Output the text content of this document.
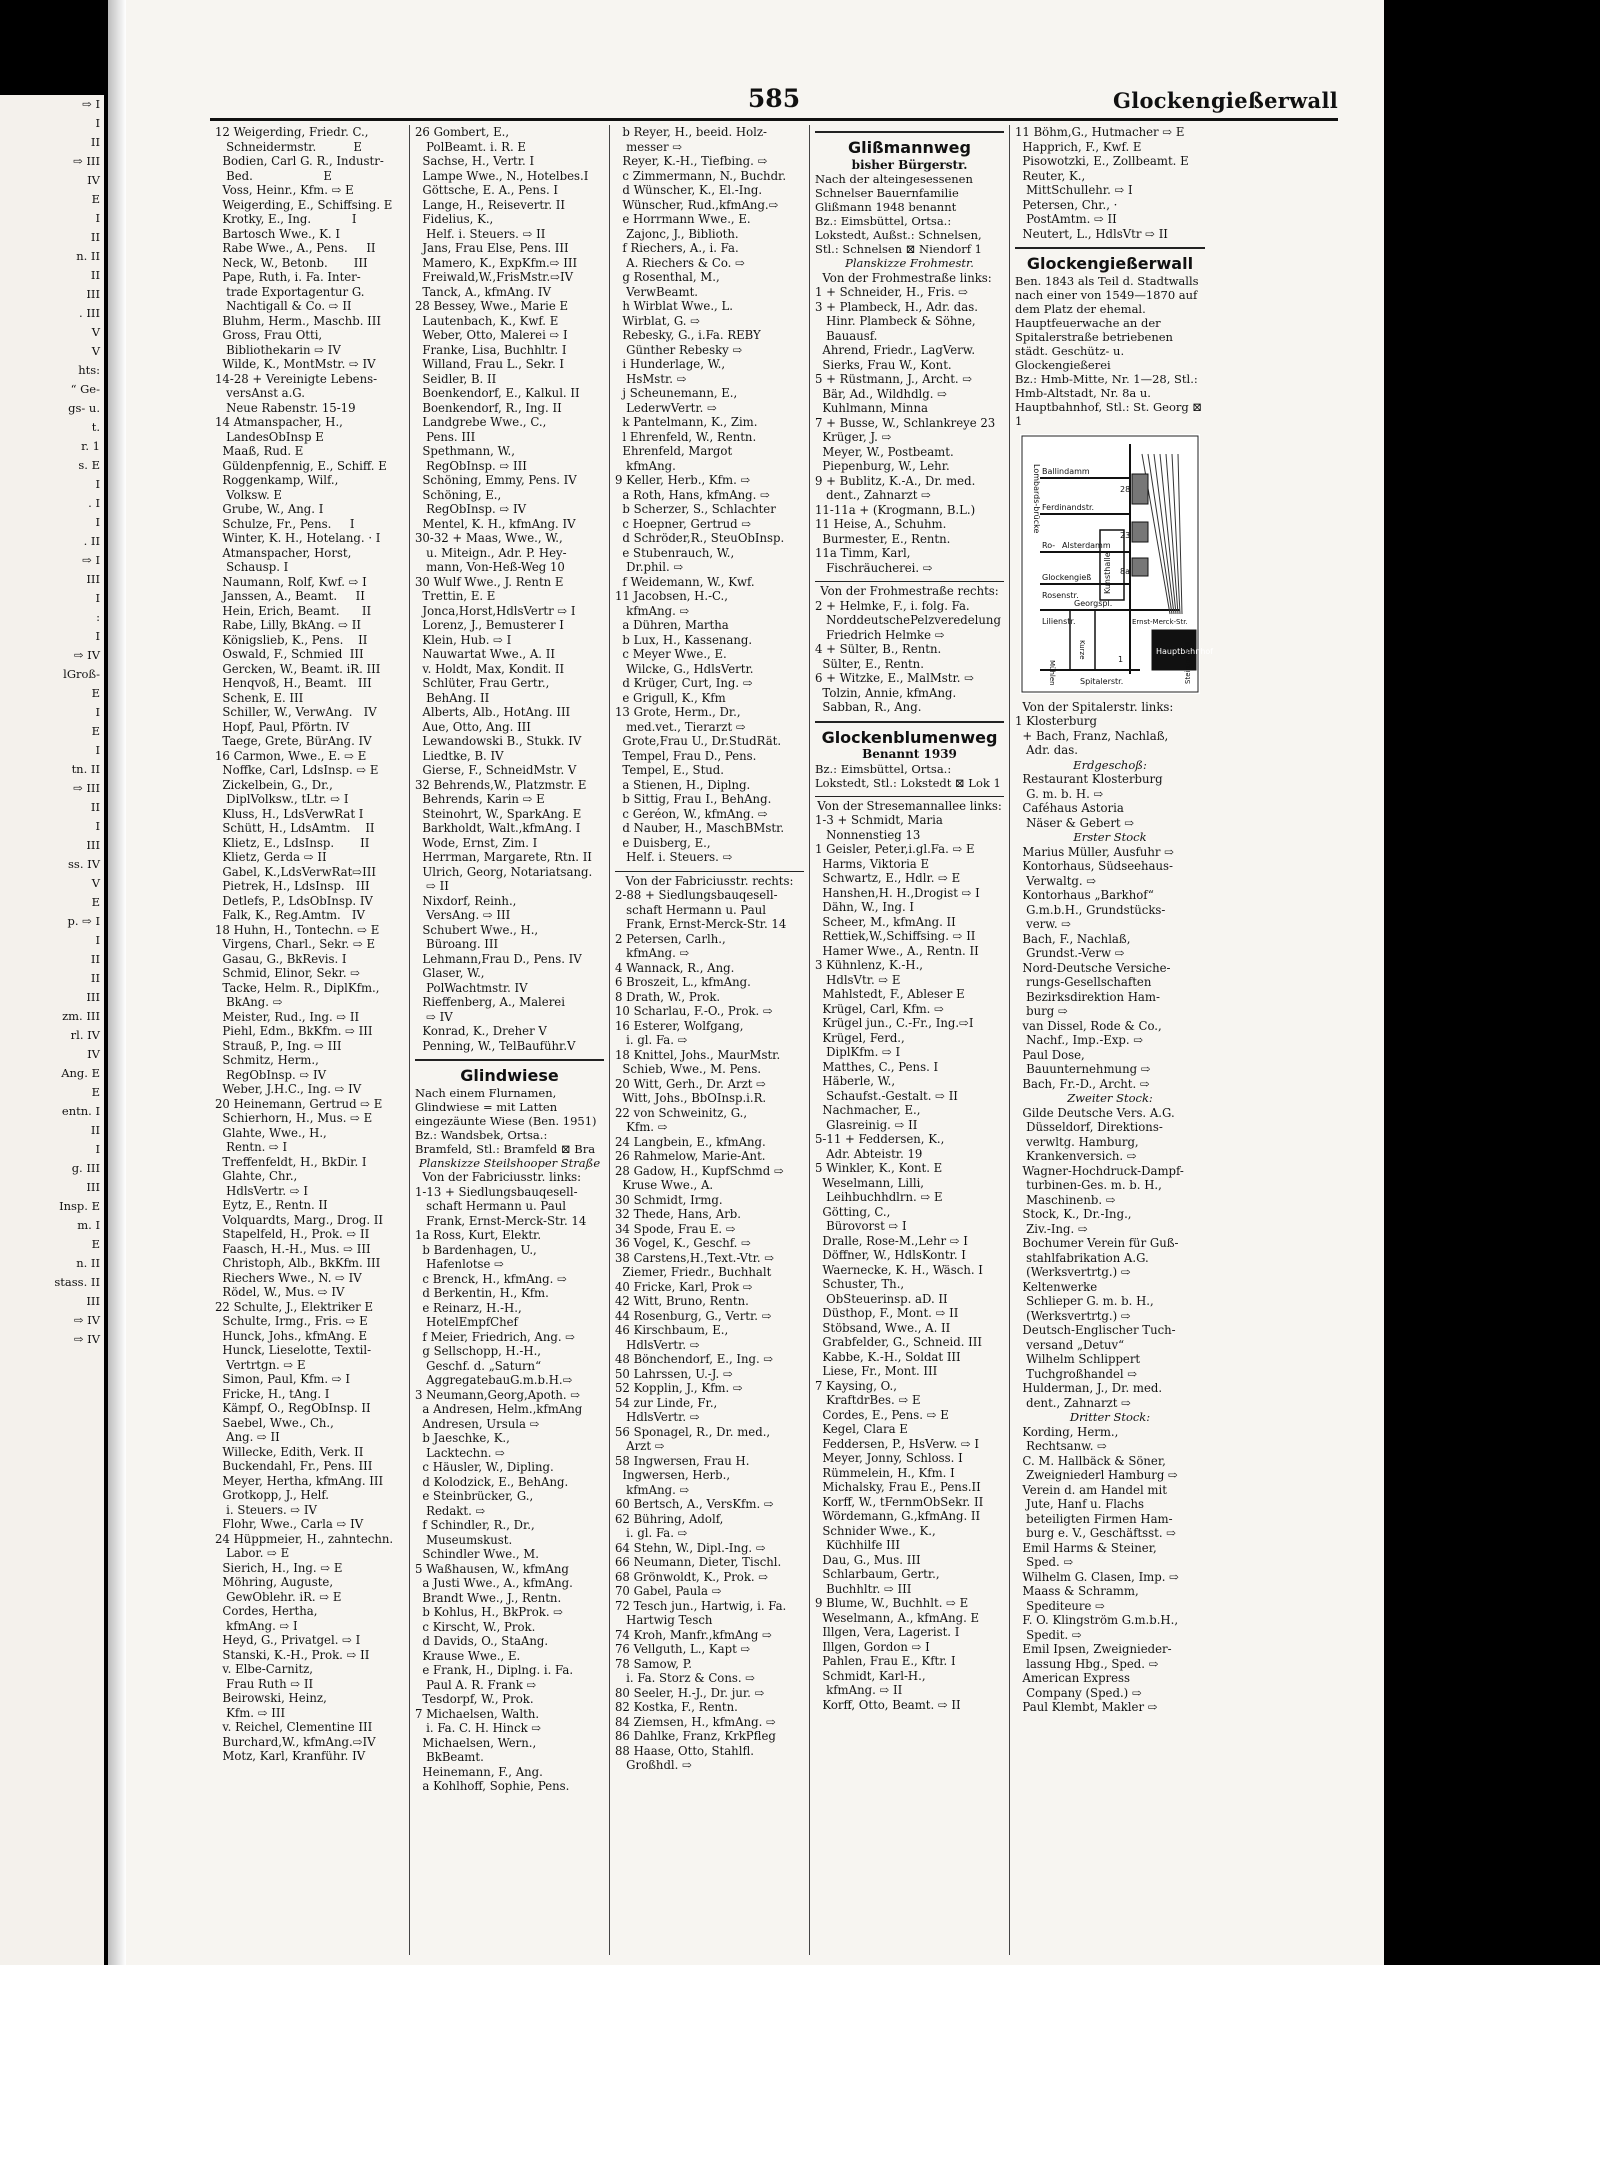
⇨ I
I
II
⇨ III
IV
E
I
II
n. II
II
III
. III
V
V
hts:
“ Ge-
gs- u.
t.
r. 1
s. E
I
. I
I
. II
⇨ I
III
I
:
I
⇨ IV
lGroß-
E
I
E
I
tn. II
⇨ III
II
I
III
ss. IV
V
E
p. ⇨ I
I
II
II
III
zm. III
rl. IV
IV
Ang. E
E
entn. I
II
I
g. III
III
Insp. E
m. I
E
n. II
stass. II
III
⇨ IV
⇨ IV
585	Glockengießerwall
12 Weigerding, Friedr. C.,
Schneidermstr.          E
Bodien, Carl G. R., Industr-
Bed.                   E
Voss, Heinr., Kfm. ⇨ E
Weigerding, E., Schiffsing. E
Krotky, E., Ing.           I
Bartosch Wwe., K. I
Rabe Wwe., A., Pens.     II
Neck, W., Betonb.       III
Pape, Ruth, i. Fa. Inter-
trade Exportagentur G.
Nachtigall & Co. ⇨ II
Bluhm, Herm., Maschb. III
Gross, Frau Otti,
Bibliothekarin ⇨ IV
Wilde, K., MontMstr. ⇨ IV
14-28 + Vereinigte Lebens-
versAnst a.G.
Neue Rabenstr. 15-19
14 Atmanspacher, H.,
LandesObInsp E
Maaß, Rud. E
Güldenpfennig, E., Schiff. E
Roggenkamp, Wilf.,
Volksw. E
Grube, W., Ang. I
Schulze, Fr., Pens.     I
Winter, K. H., Hotelang. · I
Atmanspacher, Horst,
Schausp. I
Naumann, Rolf, Kwf. ⇨ I
Janssen, A., Beamt.     II
Hein, Erich, Beamt.      II
Rabe, Lilly, BkAng. ⇨ II
Königslieb, K., Pens.    II
Oswald, F., Schmied  III
Gercken, W., Beamt. iR. III
Henqvoß, H., Beamt.   III
Schenk, E. III
Schiller, W., VerwAng.   IV
Hopf, Paul, Pförtn. IV
Taege, Grete, BürAng. IV
16 Carmon, Wwe., E. ⇨ E
Noffke, Carl, LdsInsp. ⇨ E
Zickelbein, G., Dr.,
DiplVolksw., tLtr. ⇨ I
Kluss, H., LdsVerwRat I
Schütt, H., LdsAmtm.    II
Klietz, E., LdsInsp.       II
Klietz, Gerda ⇨ II
Gabel, K.,LdsVerwRat⇨III
Pietrek, H., LdsInsp.   III
Detlefs, P., LdsObInsp. IV
Falk, K., Reg.Amtm.   IV
18 Huhn, H., Tontechn. ⇨ E
Virgens, Charl., Sekr. ⇨ E
Gasau, G., BkRevis. I
Schmid, Elinor, Sekr. ⇨
Tacke, Helm. R., DiplKfm.,
BkAng. ⇨
Meister, Rud., Ing. ⇨ II
Piehl, Edm., BkKfm. ⇨ III
Strauß, P., Ing. ⇨ III
Schmitz, Herm.,
RegObInsp. ⇨ IV
Weber, J.H.C., Ing. ⇨ IV
20 Heinemann, Gertrud ⇨ E
Schierhorn, H., Mus. ⇨ E
Glahte, Wwe., H.,
Rentn. ⇨ I
Treffenfeldt, H., BkDir. I
Glahte, Chr.,
HdlsVertr. ⇨ I
Eytz, E., Rentn. II
Volquardts, Marg., Drog. II
Stapelfeld, H., Prok. ⇨ II
Faasch, H.-H., Mus. ⇨ III
Christoph, Alb., BkKfm. III
Riechers Wwe., N. ⇨ IV
Rödel, W., Mus. ⇨ IV
22 Schulte, J., Elektriker E
Schulte, Irmg., Fris. ⇨ E
Hunck, Johs., kfmAng. E
Hunck, Lieselotte, Textil-
Vertrtgn. ⇨ E
Simon, Paul, Kfm. ⇨ I
Fricke, H., tAng. I
Kämpf, O., RegObInsp. II
Saebel, Wwe., Ch.,
Ang. ⇨ II
Willecke, Edith, Verk. II
Buckendahl, Fr., Pens. III
Meyer, Hertha, kfmAng. III
Grotkopp, J., Helf.
i. Steuers. ⇨ IV
Flohr, Wwe., Carla ⇨ IV
24 Hüppmeier, H., zahntechn.
Labor. ⇨ E
Sierich, H., Ing. ⇨ E
Möhring, Auguste,
GewOblehr. iR. ⇨ E
Cordes, Hertha,
kfmAng. ⇨ I
Heyd, G., Privatgel. ⇨ I
Stanski, K.-H., Prok. ⇨ II
v. Elbe-Carnitz,
Frau Ruth ⇨ II
Beirowski, Heinz,
Kfm. ⇨ III
v. Reichel, Clementine III
Burchard,W., kfmAng.⇨IV
Motz, Karl, Kranführ. IV
26 Gombert, E.,
PolBeamt. i. R. E
Sachse, H., Vertr. I
Lampe Wwe., N., Hotelbes.I
Göttsche, E. A., Pens. I
Lange, H., Reisevertr. II
Fidelius, K.,
Helf. i. Steuers. ⇨ II
Jans, Frau Else, Pens. III
Mamero, K., ExpKfm.⇨ III
Freiwald,W.,FrisMstr.⇨IV
Tanck, A., kfmAng. IV
28 Bessey, Wwe., Marie E
Lautenbach, K., Kwf. E
Weber, Otto, Malerei ⇨ I
Franke, Lisa, Buchhltr. I
Willand, Frau L., Sekr. I
Seidler, B. II
Boenkendorf, E., Kalkul. II
Boenkendorf, R., Ing. II
Landgrebe Wwe., C.,
Pens. III
Spethmann, W.,
RegObInsp. ⇨ III
Schöning, Emmy, Pens. IV
Schöning, E.,
RegObInsp. ⇨ IV
Mentel, K. H., kfmAng. IV
30-32 + Maas, Wwe., W.,
u. Miteign., Adr. P. Hey-
mann, Von-Heß-Weg 10
30 Wulf Wwe., J. Rentn E
Trettin, E. E
Jonca,Horst,HdlsVertr ⇨ I
Lorenz, J., Bemusterer I
Klein, Hub. ⇨ I
Nauwartat Wwe., A. II
v. Holdt, Max, Kondit. II
Schlüter, Frau Gertr.,
BehAng. II
Alberts, Alb., HotAng. III
Aue, Otto, Ang. III
Lewandowski B., Stukk. IV
Liedtke, B. IV
Gierse, F., SchneidMstr. V
32 Behrends,W., Platzmstr. E
Behrends, Karin ⇨ E
Steinohrt, W., SparkAng. E
Barkholdt, Walt.,kfmAng. I
Wode, Ernst, Zim. I
Herrman, Margarete, Rtn. II
Ulrich, Georg, Notariatsang.
⇨ II
Nixdorf, Reinh.,
VersAng. ⇨ III
Schubert Wwe., H.,
Büroang. III
Lehmann,Frau D., Pens. IV
Glaser, W.,
PolWachtmstr. IV
Rieffenberg, A., Malerei
⇨ IV
Konrad, K., Dreher V
Penning, W., TelBauführ.V
Glindwiese
Nach einem Flurnamen, Glindwiese = mit Latten eingezäunte Wiese (Ben. 1951)
Bz.: Wandsbek, Ortsa.: Bramfeld, Stl.: Bramfeld ⊠ Bra
Planskizze Steilshooper Straße
Von der Fabriciusstr. links:
1-13 + Siedlungsbauqesell-
schaft Hermann u. Paul
Frank, Ernst-Merck-Str. 14
1a Ross, Kurt, Elektr.
b Bardenhagen, U.,
Hafenlotse ⇨
c Brenck, H., kfmAng. ⇨
d Berkentin, H., Kfm.
e Reinarz, H.-H.,
HotelEmpfChef
f Meier, Friedrich, Ang. ⇨
g Sellschopp, H.-H.,
Geschf. d. „Saturn“
AggregatebauG.m.b.H.⇨
3 Neumann,Georg,Apoth. ⇨
a Andresen, Helm.,kfmAng
Andresen, Ursula ⇨
b Jaeschke, K.,
Lacktechn. ⇨
c Häusler, W., Dipling.
d Kolodzick, E., BehAng.
e Steinbrücker, G.,
Redakt. ⇨
f Schindler, R., Dr.,
Museumskust.
Schindler Wwe., M.
5 Waßhausen, W., kfmAng
a Justi Wwe., A., kfmAng.
Brandt Wwe., J., Rentn.
b Kohlus, H., BkProk. ⇨
c Kirscht, W., Prok.
d Davids, O., StaAng.
Krause Wwe., E.
e Frank, H., Diplng. i. Fa.
Paul A. R. Frank ⇨
Tesdorpf, W., Prok.
7 Michaelsen, Walth.
i. Fa. C. H. Hinck ⇨
Michaelsen, Wern.,
BkBeamt.
Heinemann, F., Ang.
a Kohlhoff, Sophie, Pens.
b Reyer, H., beeid. Holz-
messer ⇨
Reyer, K.-H., Tiefbing. ⇨
c Zimmermann, N., Buchdr.
d Wünscher, K., El.-Ing.
Wünscher, Rud.,kfmAng.⇨
e Horrmann Wwe., E.
Zajonc, J., Biblioth.
f Riechers, A., i. Fa.
A. Riechers & Co. ⇨
g Rosenthal, M.,
VerwBeamt.
h Wirblat Wwe., L.
Wirblat, G. ⇨
Rebesky, G., i.Fa. REBY
Günther Rebesky ⇨
i Hunderlage, W.,
HsMstr. ⇨
j Scheunemann, E.,
LederwVertr. ⇨
k Pantelmann, K., Zim.
l Ehrenfeld, W., Rentn.
Ehrenfeld, Margot
kfmAng.
9 Keller, Herb., Kfm. ⇨
a Roth, Hans, kfmAng. ⇨
b Scherzer, S., Schlachter
c Hoepner, Gertrud ⇨
d Schröder,R., SteuObInsp.
e Stubenrauch, W.,
Dr.phil. ⇨
f Weidemann, W., Kwf.
11 Jacobsen, H.-C.,
kfmAng. ⇨
a Dühren, Martha
b Lux, H., Kassenang.
c Meyer Wwe., E.
Wilcke, G., HdlsVertr.
d Krüger, Curt, Ing. ⇨
e Grigull, K., Kfm
13 Grote, Herm., Dr.,
med.vet., Tierarzt ⇨
Grote,Frau U., Dr.StudRät.
Tempel, Frau D., Pens.
Tempel, E., Stud.
a Stienen, H., Diplng.
b Sittig, Frau I., BehAng.
c Geréon, W., kfmAng. ⇨
d Nauber, H., MaschBMstr.
e Duisberg, E.,
Helf. i. Steuers. ⇨
Von der Fabriciusstr. rechts:
2-88 + Siedlungsbauqesell-
schaft Hermann u. Paul
Frank, Ernst-Merck-Str. 14
2 Petersen, Carlh.,
kfmAng. ⇨
4 Wannack, R., Ang.
6 Broszeit, L., kfmAng.
8 Drath, W., Prok.
10 Scharlau, F.-O., Prok. ⇨
16 Esterer, Wolfgang,
i. gl. Fa. ⇨
18 Knittel, Johs., MaurMstr.
Schieb, Wwe., M. Pens.
20 Witt, Gerh., Dr. Arzt ⇨
Witt, Johs., BbOInsp.i.R.
22 von Schweinitz, G.,
Kfm. ⇨
24 Langbein, E., kfmAng.
26 Rahmelow, Marie-Ant.
28 Gadow, H., KupfSchmd ⇨
Kruse Wwe., A.
30 Schmidt, Irmg.
32 Thede, Hans, Arb.
34 Spode, Frau E. ⇨
36 Vogel, K., Geschf. ⇨
38 Carstens,H.,Text.-Vtr. ⇨
Ziemer, Friedr., Buchhalt
40 Fricke, Karl, Prok ⇨
42 Witt, Bruno, Rentn.
44 Rosenburg, G., Vertr. ⇨
46 Kirschbaum, E.,
HdlsVertr. ⇨
48 Bönchendorf, E., Ing. ⇨
50 Lahrssen, U.-J. ⇨
52 Kopplin, J., Kfm. ⇨
54 zur Linde, Fr.,
HdlsVertr. ⇨
56 Sponagel, R., Dr. med.,
Arzt ⇨
58 Ingwersen, Frau H.
Ingwersen, Herb.,
kfmAng. ⇨
60 Bertsch, A., VersKfm. ⇨
62 Bühring, Adolf,
i. gl. Fa. ⇨
64 Stehn, W., Dipl.-Ing. ⇨
66 Neumann, Dieter, Tischl.
68 Grönwoldt, K., Prok. ⇨
70 Gabel, Paula ⇨
72 Tesch jun., Hartwig, i. Fa.
Hartwig Tesch
74 Kroh, Manfr.,kfmAng ⇨
76 Vellguth, L., Kapt ⇨
78 Samow, P.
i. Fa. Storz & Cons. ⇨
80 Seeler, H.-J., Dr. jur. ⇨
82 Kostka, F., Rentn.
84 Ziemsen, H., kfmAng. ⇨
86 Dahlke, Franz, KrkPfleg
88 Haase, Otto, Stahlfl.
Großhdl. ⇨
Glißmannweg
bisher Bürgerstr.
Nach der alteingesessenen Schnelser Bauernfamilie Glißmann 1948 benannt
Bz.: Eimsbüttel, Ortsa.: Lokstedt, Außst.: Schnelsen, Stl.: Schnelsen ⊠ Niendorf 1
Planskizze Frohmestr.
Von der Frohmestraße links:
1 + Schneider, H., Fris. ⇨
3 + Plambeck, H., Adr. das.
Hinr. Plambeck & Söhne,
Bauausf.
Ahrend, Friedr., LagVerw.
Sierks, Frau W., Kont.
5 + Rüstmann, J., Archt. ⇨
Bär, Ad., Wildhdlg. ⇨
Kuhlmann, Minna
7 + Busse, W., Schlankreye 23
Krüger, J. ⇨
Meyer, W., Postbeamt.
Piepenburg, W., Lehr.
9 + Bublitz, K.-A., Dr. med.
dent., Zahnarzt ⇨
11-11a + (Krogmann, B.L.)
11 Heise, A., Schuhm.
Burmester, E., Rentn.
11a Timm, Karl,
Fischräucherei. ⇨
Von der Frohmestraße rechts:
2 + Helmke, F., i. folg. Fa.
NorddeutschePelzveredelung
Friedrich Helmke ⇨
4 + Sülter, B., Rentn.
Sülter, E., Rentn.
6 + Witzke, E., MalMstr. ⇨
Tolzin, Annie, kfmAng.
Sabban, R., Ang.
Glockenblumenweg
Benannt 1939
Bz.: Eimsbüttel, Ortsa.: Lokstedt, Stl.: Lokstedt ⊠ Lok 1
Von der Stresemannallee links:
1-3 + Schmidt, Maria
Nonnenstieg 13
1 Geisler, Peter,i.gl.Fa. ⇨ E
Harms, Viktoria E
Schwartz, E., Hdlr. ⇨ E
Hanshen,H. H.,Drogist ⇨ I
Dähn, W., Ing. I
Scheer, M., kfmAng. II
Rettiek,W.,Schiffsing. ⇨ II
Hamer Wwe., A., Rentn. II
3 Kühnlenz, K.-H.,
HdlsVtr. ⇨ E
Mahlstedt, F., Ableser E
Krügel, Carl, Kfm. ⇨
Krügel jun., C.-Fr., Ing.⇨I
Krügel, Ferd.,
DiplKfm. ⇨ I
Matthes, C., Pens. I
Häberle, W.,
Schaufst.-Gestalt. ⇨ II
Nachmacher, E.,
Glasreinig. ⇨ II
5-11 + Feddersen, K.,
Adr. Abteistr. 19
5 Winkler, K., Kont. E
Weselmann, Lilli,
Leihbuchhdlrn. ⇨ E
Götting, C.,
Bürovorst ⇨ I
Dralle, Rose-M.,Lehr ⇨ I
Döffner, W., HdlsKontr. I
Waernecke, K. H., Wäsch. I
Schuster, Th.,
ObSteuerinsp. aD. II
Düsthop, F., Mont. ⇨ II
Stöbsand, Wwe., A. II
Grabfelder, G., Schneid. III
Kabbe, K.-H., Soldat III
Liese, Fr., Mont. III
7 Kaysing, O.,
KraftdrBes. ⇨ E
Cordes, E., Pens. ⇨ E
Kegel, Clara E
Feddersen, P., HsVerw. ⇨ I
Meyer, Jonny, Schloss. I
Rümmelein, H., Kfm. I
Michalsky, Frau E., Pens.II
Korff, W., tFernmObSekr. II
Wördemann, G.,kfmAng. II
Schnider Wwe., K.,
Küchhilfe III
Dau, G., Mus. III
Schlarbaum, Gertr.,
Buchhltr. ⇨ III
9 Blume, W., Buchhlt. ⇨ E
Weselmann, A., kfmAng. E
Illgen, Vera, Lagerist. I
Illgen, Gordon ⇨ I
Pahlen, Frau E., Kftr. I
Schmidt, Karl-H.,
kfmAng. ⇨ II
Korff, Otto, Beamt. ⇨ II
11 Böhm,G., Hutmacher ⇨ E
Happrich, F., Kwf. E
Pisowotzki, E., Zollbeamt. E
Reuter, K.,
MittSchullehr. ⇨ I
Petersen, Chr., ·
PostAmtm. ⇨ II
Neutert, L., HdlsVtr ⇨ II
Glockengießerwall
Ben. 1843 als Teil d. Stadtwalls nach einer von 1549—1870 auf dem Platz der ehemal. Hauptfeuerwache an der Spitalerstraße betriebenen städt. Geschütz- u. Glockengießerei
Bz.: Hmb-Mitte, Nr. 1—28, Stl.: Hmb-Altstadt, Nr. 8a u. Hauptbahnhof, Stl.: St. Georg ⊠ 1
Lombards-brücke Ballindamm
Ferdinandstr.
Ro- Alsterdamm
Kunsthalle
Glockengieß
Lilienstr.
Georgspl.
Ernst-Merck-Str.
Hauptbahnhof
Mühlen
Kurze
Spitalerstr.	Steintorwall
Rosenstr.
28
23
8a
1
Von der Spitalerstr. links:
1 Klosterburg
+ Bach, Franz, Nachlaß,
Adr. das.
Erdgeschoß:
Restaurant Klosterburg
G. m. b. H. ⇨
Caféhaus Astoria
Näser & Gebert ⇨
Erster Stock
Marius Müller, Ausfuhr ⇨
Kontorhaus, Südseehaus-
Verwaltg. ⇨
Kontorhaus „Barkhof“
G.m.b.H., Grundstücks-
verw. ⇨
Bach, F., Nachlaß,
Grundst.-Verw ⇨
Nord-Deutsche Versiche-
rungs-Gesellschaften
Bezirksdirektion Ham-
burg ⇨
van Dissel, Rode & Co.,
Nachf., Imp.-Exp. ⇨
Paul Dose,
Bauunternehmung ⇨
Bach, Fr.-D., Archt. ⇨
Zweiter Stock:
Gilde Deutsche Vers. A.G.
Düsseldorf, Direktions-
verwltg. Hamburg,
Krankenversich. ⇨
Wagner-Hochdruck-Dampf-
turbinen-Ges. m. b. H.,
Maschinenb. ⇨
Stock, K., Dr.-Ing.,
Ziv.-Ing. ⇨
Bochumer Verein für Guß-
stahlfabrikation A.G.
(Werksvertrtg.) ⇨
Keltenwerke
Schlieper G. m. b. H.,
(Werksvertrtg.) ⇨
Deutsch-Englischer Tuch-
versand „Detuv“
Wilhelm Schlippert
Tuchgroßhandel ⇨
Hulderman, J., Dr. med.
dent., Zahnarzt ⇨
Dritter Stock:
Kording, Herm.,
Rechtsanw. ⇨
C. M. Hallbäck & Söner,
Zweigniederl Hamburg ⇨
Verein d. am Handel mit
Jute, Hanf u. Flachs
beteiligten Firmen Ham-
burg e. V., Geschäftsst. ⇨
Emil Harms & Steiner,
Sped. ⇨
Wilhelm G. Clasen, Imp. ⇨
Maass & Schramm,
Spediteure ⇨
F. O. Klingström G.m.b.H.,
Spedit. ⇨
Emil Ipsen, Zweignieder-
lassung Hbg., Sped. ⇨
American Express
Company (Sped.) ⇨
Paul Klembt, Makler ⇨
